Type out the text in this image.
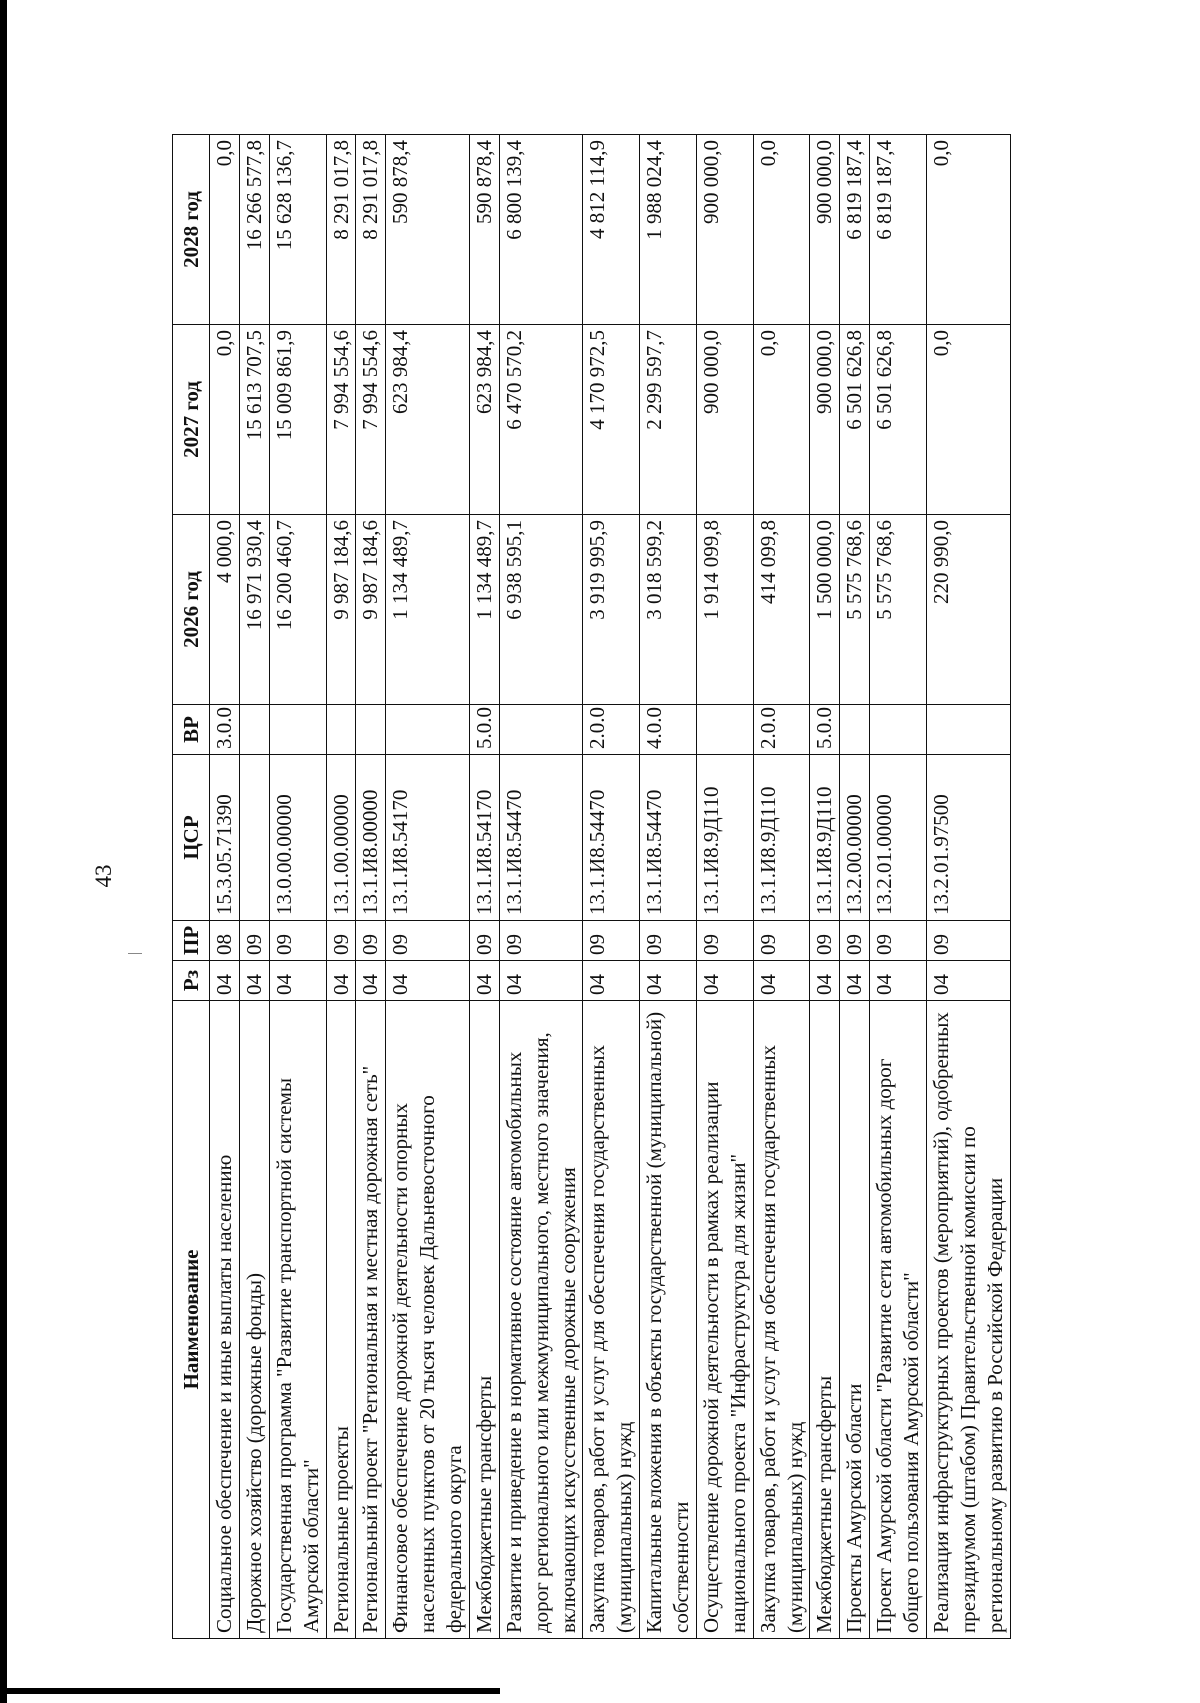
43
Наименование	Рз	ПР	ЦСР	ВР	2026 год	2027 год	2028 год
Социальное обеспечение и иные выплаты населению	04	08	15.3.05.71390	3.0.0	4 000,0	0,0	0,0
Дорожное хозяйство (дорожные фонды)	04	09			16 971 930,4	15 613 707,5	16 266 577,8
Государственная программа "Развитие транспортной системы Амурской области"	04	09	13.0.00.00000		16 200 460,7	15 009 861,9	15 628 136,7
Региональные проекты	04	09	13.1.00.00000		9 987 184,6	7 994 554,6	8 291 017,8
Региональный проект "Региональная и местная дорожная сеть"	04	09	13.1.И8.00000		9 987 184,6	7 994 554,6	8 291 017,8
Финансовое обеспечение дорожной деятельности опорных населенных пунктов от 20 тысяч человек Дальневосточного федерального округа	04	09	13.1.И8.54170		1 134 489,7	623 984,4	590 878,4
Межбюджетные трансферты	04	09	13.1.И8.54170	5.0.0	1 134 489,7	623 984,4	590 878,4
Развитие и приведение в нормативное состояние автомобильных дорог регионального или межмуниципального, местного значения, включающих искусственные дорожные сооружения	04	09	13.1.И8.54470		6 938 595,1	6 470 570,2	6 800 139,4
Закупка товаров, работ и услуг для обеспечения государственных (муниципальных) нужд	04	09	13.1.И8.54470	2.0.0	3 919 995,9	4 170 972,5	4 812 114,9
Капитальные вложения в объекты государственной (муниципальной) собственности	04	09	13.1.И8.54470	4.0.0	3 018 599,2	2 299 597,7	1 988 024,4
Осуществление дорожной деятельности в рамках реализации национального проекта "Инфраструктура для жизни"	04	09	13.1.И8.9Д110		1 914 099,8	900 000,0	900 000,0
Закупка товаров, работ и услуг для обеспечения государственных (муниципальных) нужд	04	09	13.1.И8.9Д110	2.0.0	414 099,8	0,0	0,0
Межбюджетные трансферты	04	09	13.1.И8.9Д110	5.0.0	1 500 000,0	900 000,0	900 000,0
Проекты Амурской области	04	09	13.2.00.00000		5 575 768,6	6 501 626,8	6 819 187,4
Проект Амурской области "Развитие сети автомобильных дорог общего пользования Амурской области"	04	09	13.2.01.00000		5 575 768,6	6 501 626,8	6 819 187,4
Реализация инфраструктурных проектов (мероприятий), одобренных президиумом (штабом) Правительственной комиссии по региональному развитию в Российской Федерации	04	09	13.2.01.97500		220 990,0	0,0	0,0
